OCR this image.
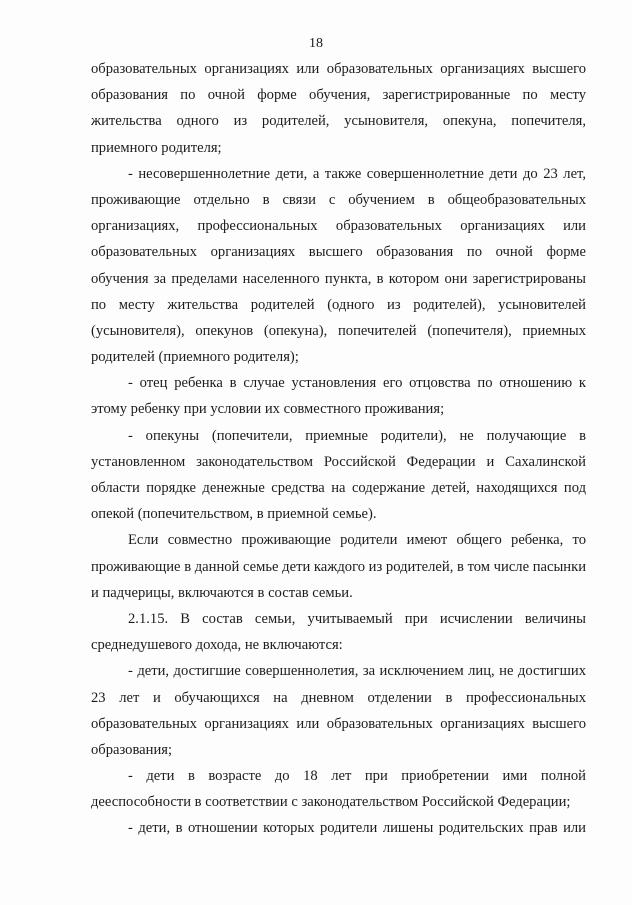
18
образовательных организациях или образовательных организациях высшего
образования по очной форме обучения, зарегистрированные по месту
жительства одного из родителей, усыновителя, опекуна, попечителя,
приемного родителя;
- несовершеннолетние дети, а также совершеннолетние дети до 23 лет,
проживающие отдельно в связи с обучением в общеобразовательных
организациях, профессиональных образовательных организациях или
образовательных организациях высшего образования по очной форме
обучения за пределами населенного пункта, в котором они зарегистрированы
по месту жительства родителей (одного из родителей), усыновителей
(усыновителя), опекунов (опекуна), попечителей (попечителя), приемных
родителей (приемного родителя);
- отец ребенка в случае установления его отцовства по отношению к
этому ребенку при условии их совместного проживания;
- опекуны (попечители, приемные родители), не получающие в
установленном законодательством Российской Федерации и Сахалинской
области порядке денежные средства на содержание детей, находящихся под
опекой (попечительством, в приемной семье).
Если совместно проживающие родители имеют общего ребенка, то
проживающие в данной семье дети каждого из родителей, в том числе пасынки
и падчерицы, включаются в состав семьи.
2.1.15. В состав семьи, учитываемый при исчислении величины
среднедушевого дохода, не включаются:
- дети, достигшие совершеннолетия, за исключением лиц, не достигших
23 лет и обучающихся на дневном отделении в профессиональных
образовательных организациях или образовательных организациях высшего
образования;
- дети в возрасте до 18 лет при приобретении ими полной
дееспособности в соответствии с законодательством Российской Федерации;
- дети, в отношении которых родители лишены родительских прав или
